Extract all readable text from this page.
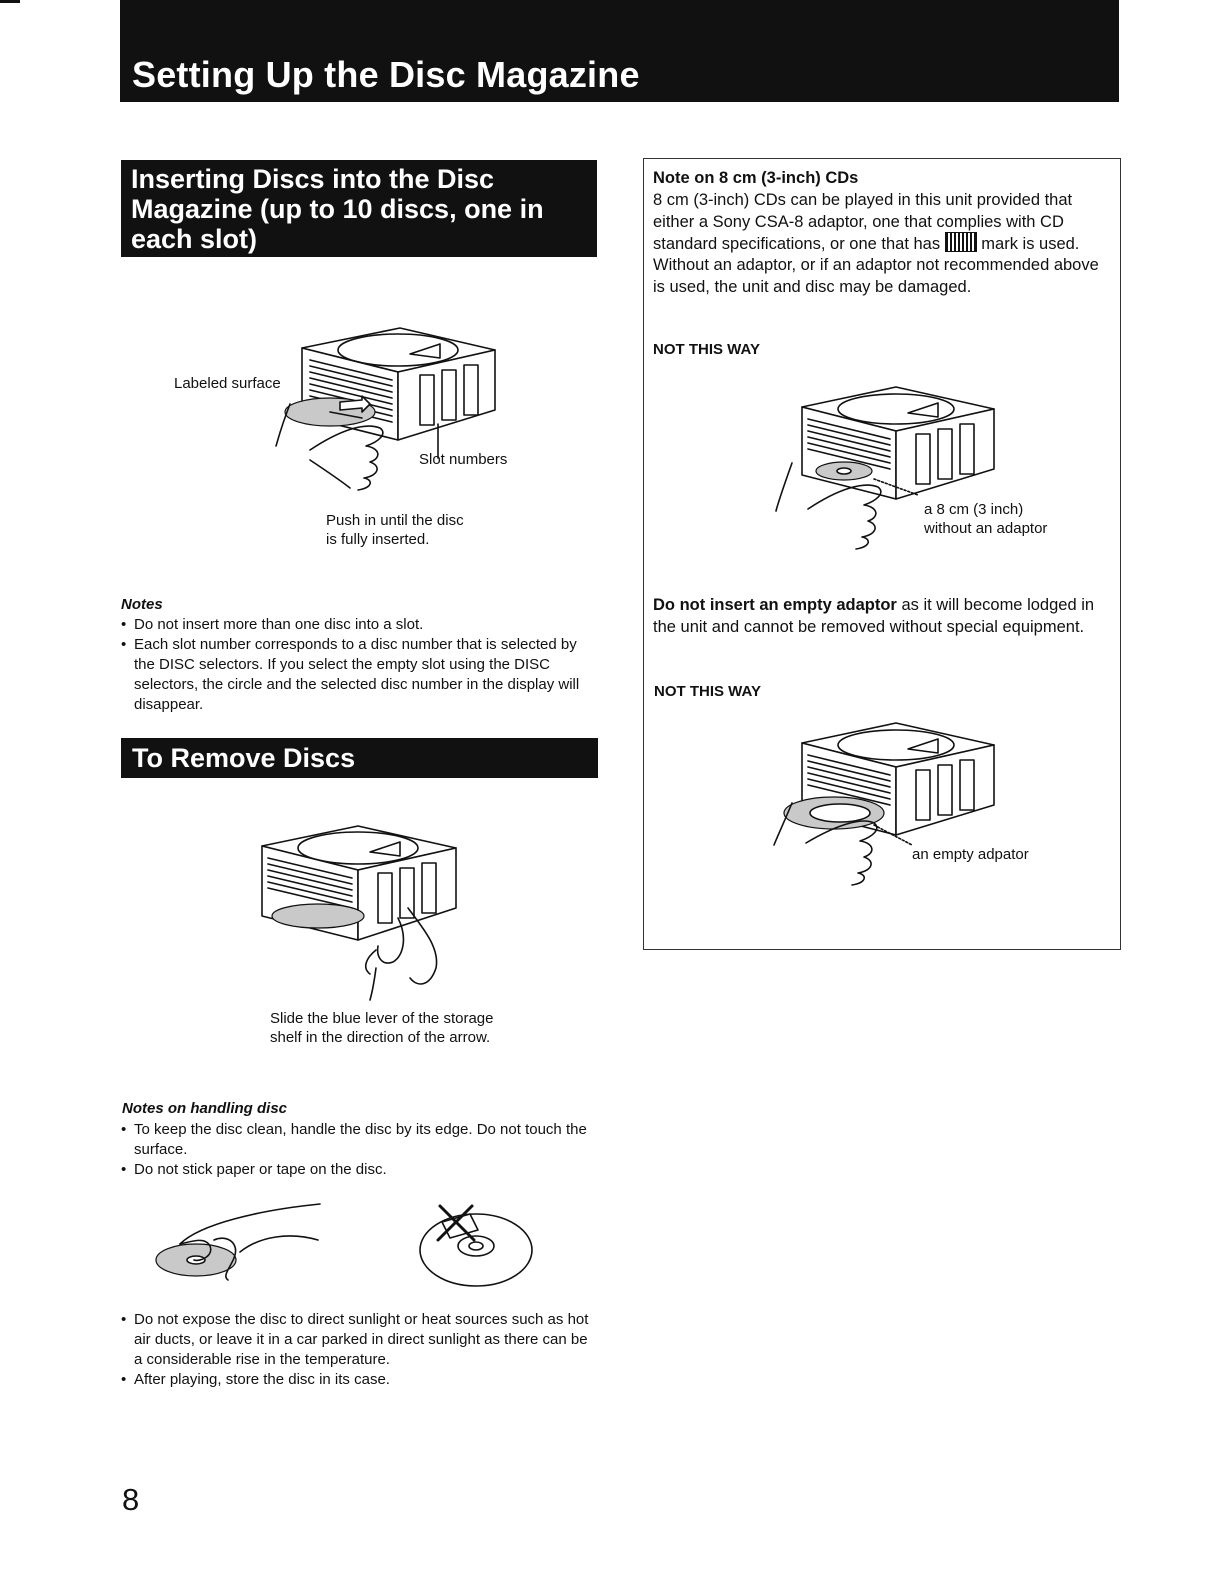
Setting Up the Disc Magazine
Inserting Discs into the Disc Magazine (up to 10 discs, one in each slot)
Labeled surface
Slot numbers
Push in until the disc
is fully inserted.
Notes
• Do not insert more than one disc into a slot.
• Each slot number corresponds to a disc number that is selected by the DISC selectors. If you select the empty slot using the DISC selectors, the circle and the selected disc number in the display will disappear.
To Remove Discs
Slide the blue lever of the storage
shelf in the direction of the arrow.
Notes on handling disc
• To keep the disc clean, handle the disc by its edge. Do not touch the surface.
• Do not stick paper or tape on the disc.
• Do not expose the disc to direct sunlight or heat sources such as hot air ducts, or leave it in a car parked in direct sunlight as there can be a considerable rise in the temperature.
• After playing, store the disc in its case.
Note on 8 cm (3-inch) CDs
8 cm (3-inch) CDs can be played in this unit provided that either a Sony CSA-8 adaptor, one that complies with CD standard specifications, or one that has mark is used. Without an adaptor, or if an adaptor not recommended above is used, the unit and disc may be damaged.
NOT THIS WAY
a 8 cm (3 inch)
without an adaptor
Do not insert an empty adaptor as it will become lodged in the unit and cannot be removed without special equipment.
NOT THIS WAY
an empty adpator
8
